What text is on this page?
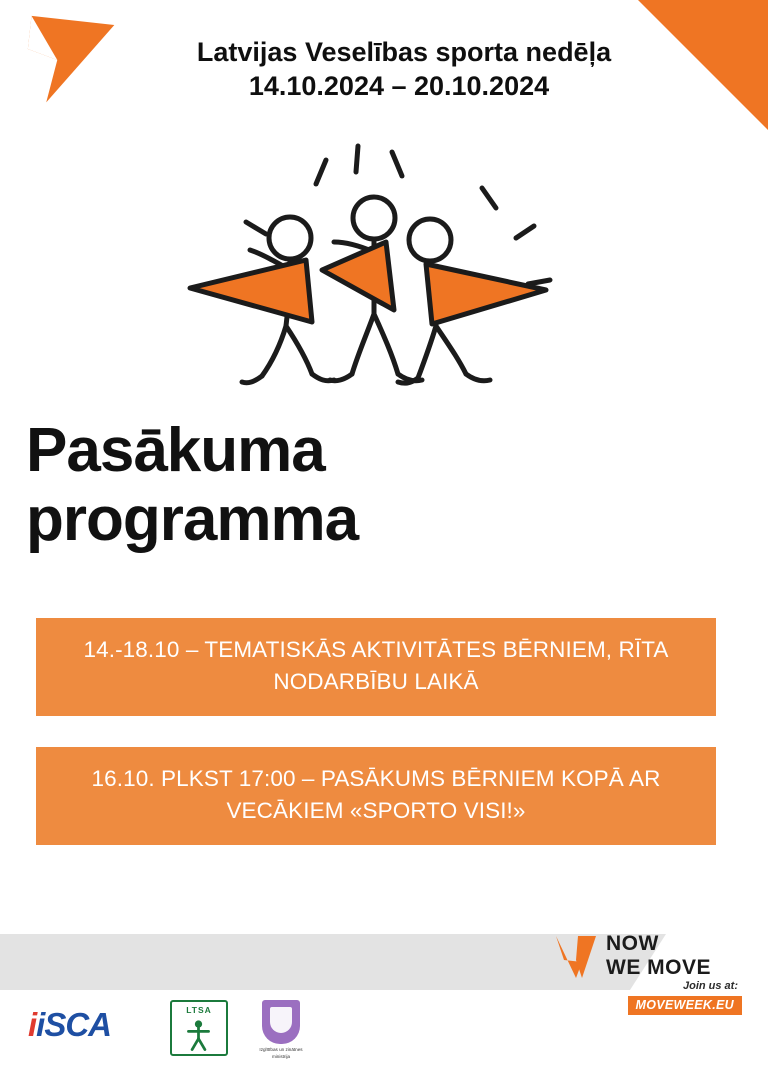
Latvijas Veselības sporta nedēļa
14.10.2024 – 20.10.2024
Pasākuma
programma
14.-18.10 – TEMATISKĀS AKTIVITĀTES BĒRNIEM, RĪTA NODARBĪBU LAIKĀ
16.10. PLKST 17:00 – PASĀKUMS BĒRNIEM KOPĀ AR VECĀKIEM «SPORTO VISI!»
NOW
WE MOVE
Join us at:
MOVEWEEK.EU
iiSCA	LTSA
Izglītības un zinātnes
ministrija
